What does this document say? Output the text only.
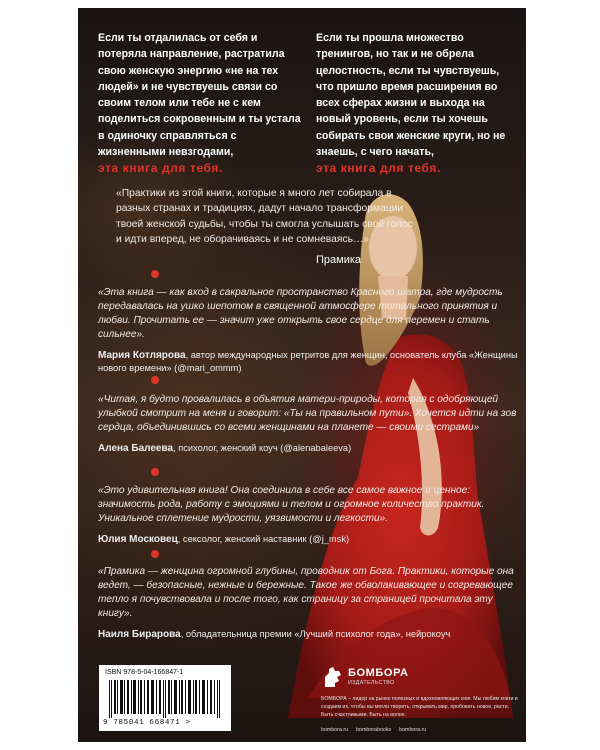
Если ты отдалилась от себя и потеряла направление, растратила свою женскую энергию «не на тех людей» и не чувствуешь связи со своим телом или тебе не с кем поделиться сокровенным и ты устала в одиночку справляться с жизненными невзгодами,
эта книга для тебя.
Если ты прошла множество тренингов, но так и не обрела целостность, если ты чувствуешь, что пришло время расширения во всех сферах жизни и выхода на новый уровень, если ты хочешь собирать свои женские круги, но не знаешь, с чего начать,
эта книга для тебя.
«Практики из этой книги, которые я много лет собирала в разных странах и традициях, дадут начало трансформации твоей женской судьбы, чтобы ты смогла услышать свой голос и идти вперед, не оборачиваясь и не сомневаясь…»
Прамика
«Эта книга — как вход в сакральное пространство Красного шатра, где мудрость передавалась на ушко шепотом в священной атмосфере тотального принятия и любви. Прочитать ее — значит уже открыть свое сердце для перемен и стать сильнее».
Мария Котлярова, автор международных ретритов для женщин, основатель клуба «Женщины нового времени» (@mari_ommm)
«Читая, я будто провалилась в объятия матери-природы, которая с одобряющей улыбкой смотрит на меня и говорит: «Ты на правильном пути». Хочется идти на зов сердца, объединившись со всеми женщинами на планете — своими сестрами»
Алена Балеева, психолог, женский коуч (@alenabaleeva)
«Это удивительная книга! Она соединила в себе все самое важное и ценное: значимость рода, работу с эмоциями и телом и огромное количество практик. Уникальное сплетение мудрости, уязвимости и легкости».
Юлия Московец, сексолог, женский наставник (@j_msk)
«Прамика — женщина огромной глубины, проводник от Бога. Практики, которые она ведет, — безопасные, нежные и бережные. Такое же обволакивающее и согревающее тепло я почувствовала и после того, как страницу за страницей прочитала эту книгу».
Наиля Бирарова, обладательница премии «Лучший психолог года», нейрокоуч
ISBN 978-5-04-166847-1
9 785041 668471 >
БОМБОРА
ИЗДАТЕЛЬСТВО
БОМБОРА – лидер на рынке полезных и вдохновляющих книг. Мы любим книги и создаем их, чтобы вы могли творить, открывать мир, пробовать новое, расти. Быть счастливыми. Быть на волне.
bombora.ru bomborabooks bombora.ru
